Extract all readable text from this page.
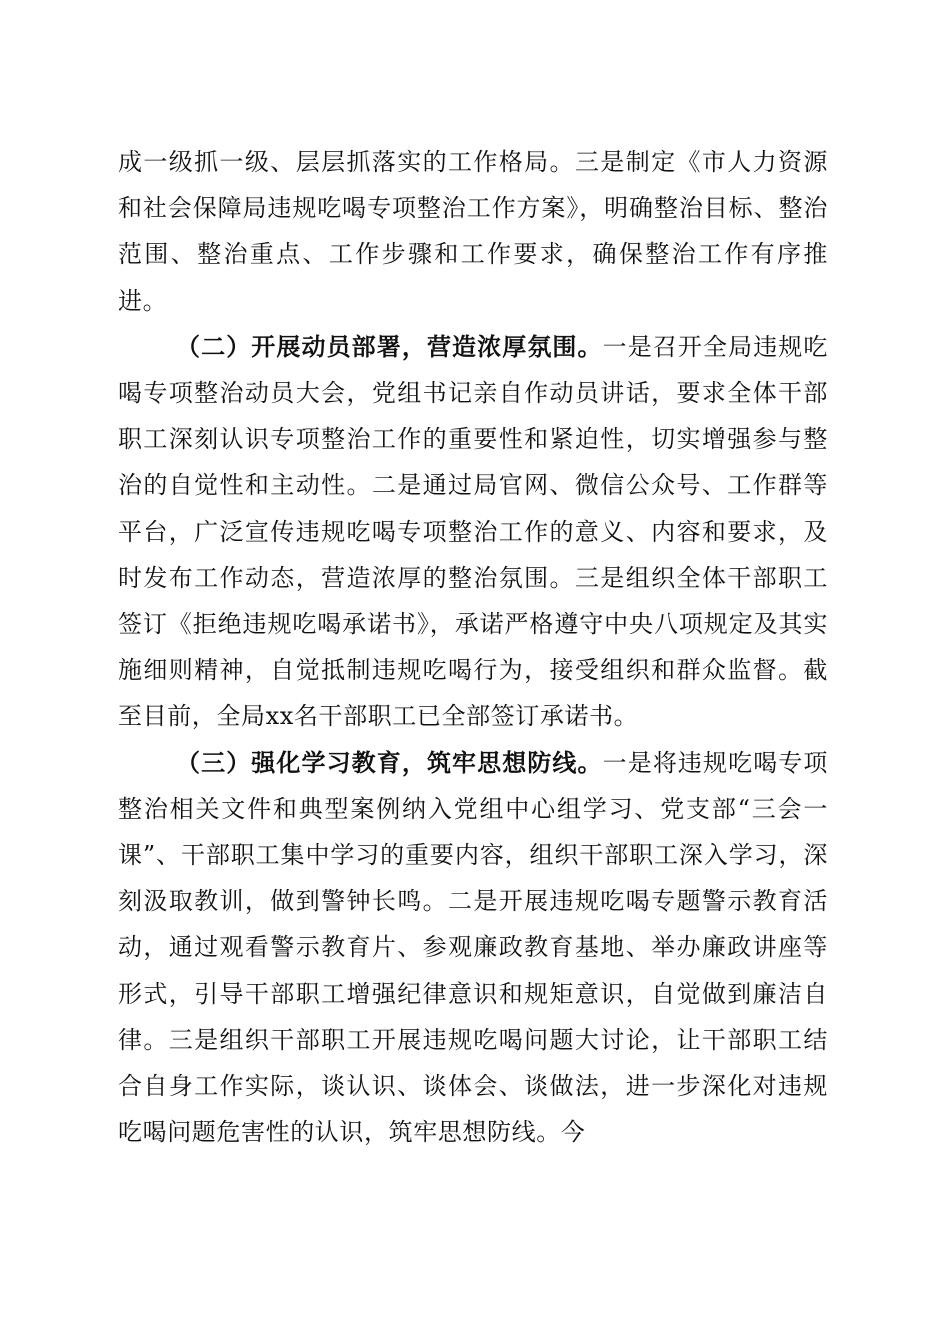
成一级抓一级、层层抓落实的工作格局。三是制定《市人力资源和社会保障局违规吃喝专项整治工作方案》，明确整治目标、整治范围、整治重点、工作步骤和工作要求，确保整治工作有序推进。

（二）开展动员部署，营造浓厚氛围。一是召开全局违规吃喝专项整治动员大会，党组书记亲自作动员讲话，要求全体干部职工深刻认识专项整治工作的重要性和紧迫性，切实增强参与整治的自觉性和主动性。二是通过局官网、微信公众号、工作群等平台，广泛宣传违规吃喝专项整治工作的意义、内容和要求，及时发布工作动态，营造浓厚的整治氛围。三是组织全体干部职工签订《拒绝违规吃喝承诺书》，承诺严格遵守中央八项规定及其实施细则精神，自觉抵制违规吃喝行为，接受组织和群众监督。截至目前，全局xx名干部职工已全部签订承诺书。

（三）强化学习教育，筑牢思想防线。一是将违规吃喝专项整治相关文件和典型案例纳入党组中心组学习、党支部“三会一课”、干部职工集中学习的重要内容，组织干部职工深入学习，深刻汲取教训，做到警钟长鸣。二是开展违规吃喝专题警示教育活动，通过观看警示教育片、参观廉政教育基地、举办廉政讲座等形式，引导干部职工增强纪律意识和规矩意识，自觉做到廉洁自律。三是组织干部职工开展违规吃喝问题大讨论，让干部职工结合自身工作实际，谈认识、谈体会、谈做法，进一步深化对违规吃喝问题危害性的认识，筑牢思想防线。今
